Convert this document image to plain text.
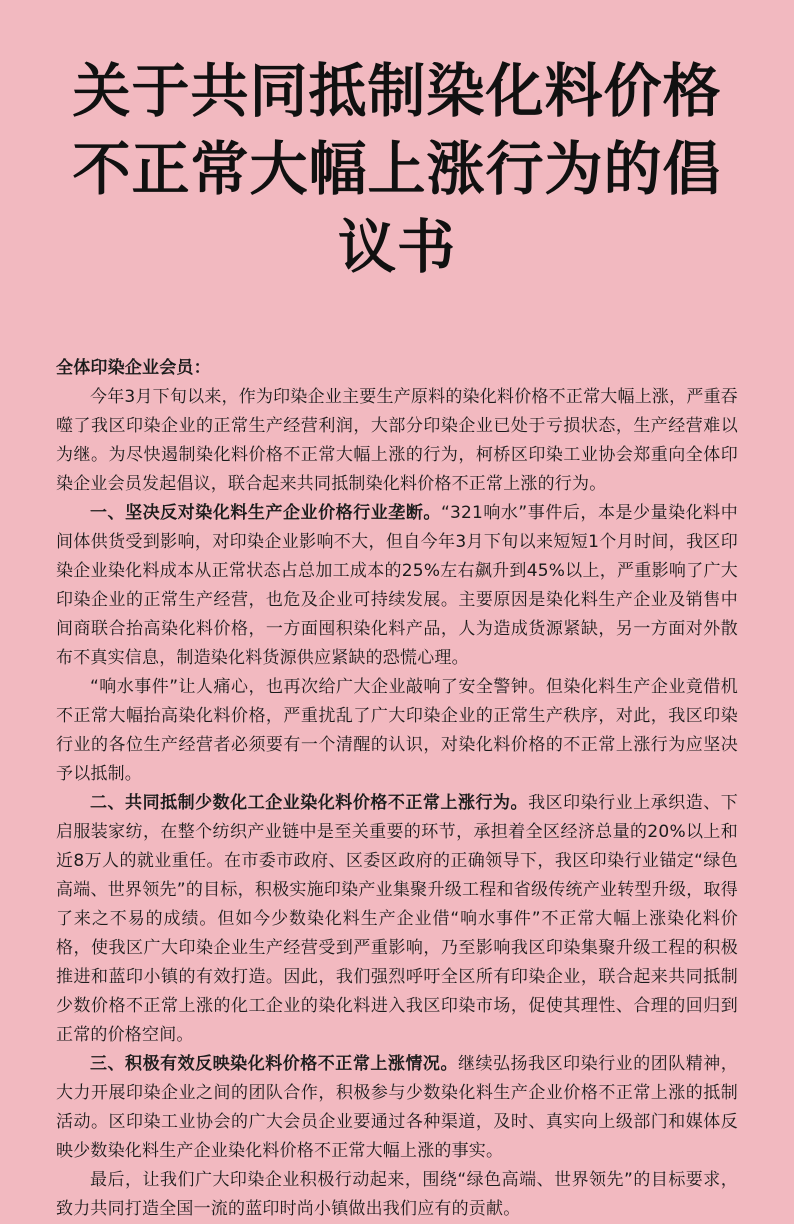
关于共同抵制染化料价格
不正常大幅上涨行为的倡议书

全体印染企业会员：

今年3月下旬以来，作为印染企业主要生产原料的染化料价格不正常大幅上涨，严重吞噬了我区印染企业的正常生产经营利润，大部分印染企业已处于亏损状态，生产经营难以为继。为尽快遏制染化料价格不正常大幅上涨的行为，柯桥区印染工业协会郑重向全体印染企业会员发起倡议，联合起来共同抵制染化料价格不正常上涨的行为。

一、坚决反对染化料生产企业价格行业垄断。“321响水”事件后，本是少量染化料中间体供货受到影响，对印染企业影响不大，但自今年3月下旬以来短短1个月时间，我区印染企业染化料成本从正常状态占总加工成本的25%左右飙升到45%以上，严重影响了广大印染企业的正常生产经营，也危及企业可持续发展。主要原因是染化料生产企业及销售中间商联合抬高染化料价格，一方面囤积染化料产品，人为造成货源紧缺，另一方面对外散布不真实信息，制造染化料货源供应紧缺的恐慌心理。

“响水事件”让人痛心，也再次给广大企业敲响了安全警钟。但染化料生产企业竟借机不正常大幅抬高染化料价格，严重扰乱了广大印染企业的正常生产秩序，对此，我区印染行业的各位生产经营者必须要有一个清醒的认识，对染化料价格的不正常上涨行为应坚决予以抵制。

二、共同抵制少数化工企业染化料价格不正常上涨行为。我区印染行业上承织造、下启服装家纺，在整个纺织产业链中是至关重要的环节，承担着全区经济总量的20%以上和近8万人的就业重任。在市委市政府、区委区政府的正确领导下，我区印染行业锚定“绿色高端、世界领先”的目标，积极实施印染产业集聚升级工程和省级传统产业转型升级，取得了来之不易的成绩。但如今少数染化料生产企业借“响水事件”不正常大幅上涨染化料价格，使我区广大印染企业生产经营受到严重影响，乃至影响我区印染集聚升级工程的积极推进和蓝印小镇的有效打造。因此，我们强烈呼吁全区所有印染企业，联合起来共同抵制少数价格不正常上涨的化工企业的染化料进入我区印染市场，促使其理性、合理的回归到正常的价格空间。

三、积极有效反映染化料价格不正常上涨情况。继续弘扬我区印染行业的团队精神，大力开展印染企业之间的团队合作，积极参与少数染化料生产企业价格不正常上涨的抵制活动。区印染工业协会的广大会员企业要通过各种渠道，及时、真实向上级部门和媒体反映少数染化料生产企业染化料价格不正常大幅上涨的事实。

最后，让我们广大印染企业积极行动起来，围绕“绿色高端、世界领先”的目标要求，致力共同打造全国一流的蓝印时尚小镇做出我们应有的贡献。
